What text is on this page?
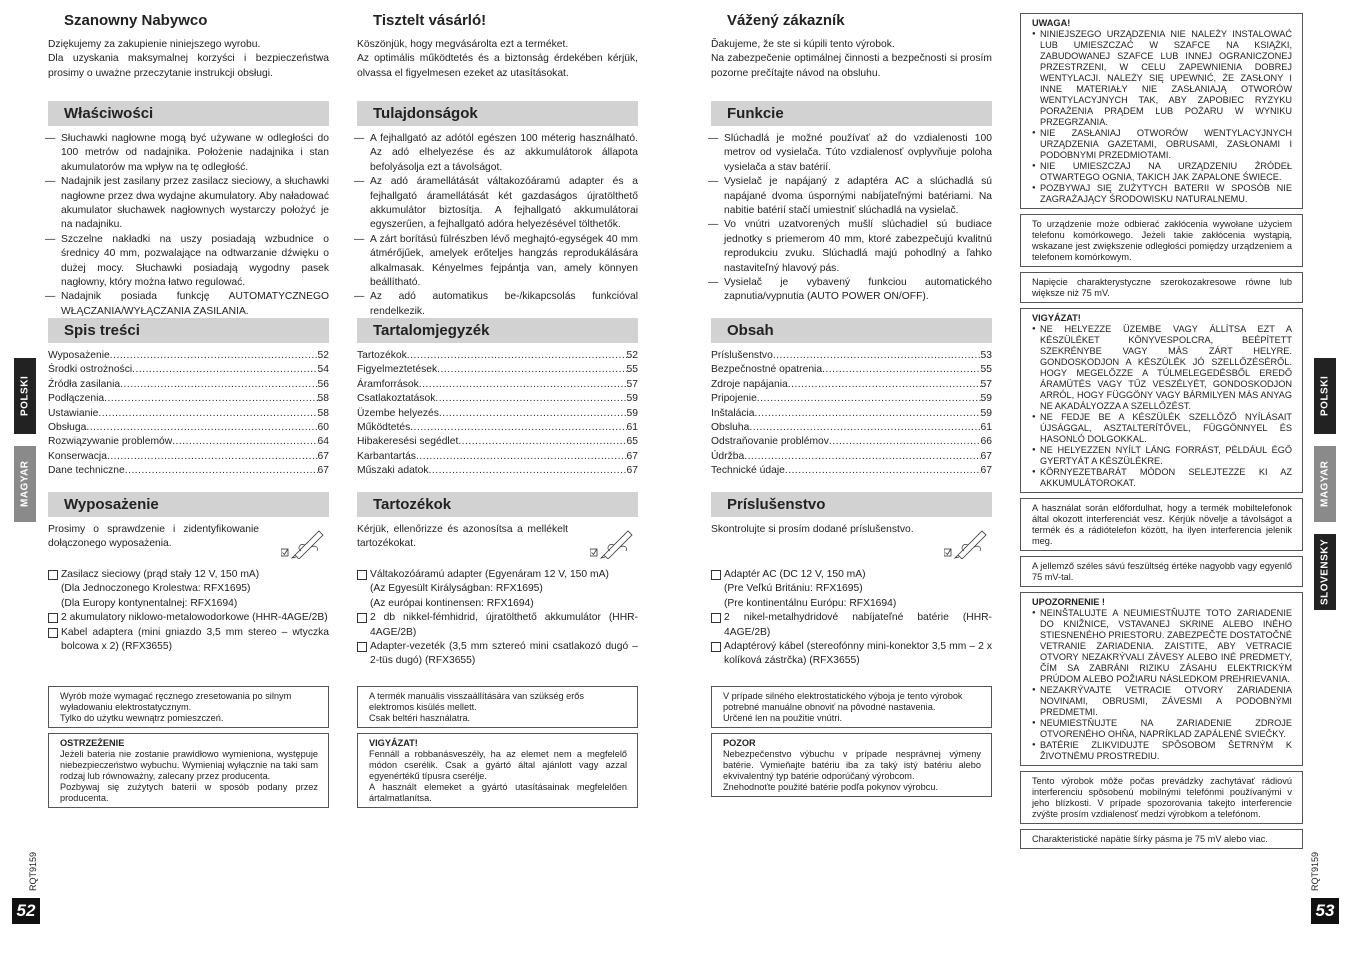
Szanowny Nabywco

Dziękujemy za zakupienie niniejszego wyrobu.

Dla uzyskania maksymalnej korzyści i bezpieczeństwa prosimy o uważne przeczytanie instrukcji obsługi.

Właściwości
— Słuchawki nagłowne mogą być używane w odległości do 100 metrów od nadajnika. Położenie nadajnika i stan akumulatorów ma wpływ na tę odległość.
— Nadajnik jest zasilany przez zasilacz sieciowy, a słuchawki nagłowne przez dwa wydajne akumulatory. Aby naładować akumulator słuchawek nagłownych wystarczy położyć je na nadajniku.
— Szczelne nakładki na uszy posiadają wzbudnice o średnicy 40 mm, pozwalające na odtwarzanie dźwięku o dużej mocy. Słuchawki posiadają wygodny pasek nagłowny, który można łatwo regulować.
— Nadajnik posiada funkcję AUTOMATYCZNEGO WŁĄCZANIA/WYŁĄCZANIA ZASILANIA.
Spis treści
Wyposażenie .....	52
Środki ostrożności .....	54
Źródła zasilania .....	56
Podłączenia .....	58
Ustawianie .....	58
Obsługa .....	60
Rozwiązywanie problemów .....	64
Konserwacja .....	67
Dane techniczne .....	67
Wyposażenie
Prosimy o sprawdzenie i zidentyfikowanie dołączonego wyposażenia.
Zasilacz sieciowy (prąd stały 12 V, 150 mA)
(Dla Jednoczonego Krolestwa: RFX1695)
(Dla Europy kontynentalnej: RFX1694)
2 akumulatory niklowo-metalowodorkowe (HHR-4AGE/2B)
Kabel adaptera (mini gniazdo 3,5 mm stereo – wtyczka bolcowa x 2) (RFX3655)
Wyrób może wymagać ręcznego zresetowania po silnym wyładowaniu elektrostatycznym.
Tylko do użytku wewnątrz pomieszczeń.
OSTRZEŻENIE
Jeżeli bateria nie zostanie prawidłowo wymieniona, występuje niebezpieczeństwo wybuchu. Wymieniaj wyłącznie na taki sam rodzaj lub równoważny, zalecany przez producenta.
Pozbywaj się zużytych baterii w sposób podany przez producenta.
Tisztelt vásárló!

Köszönjük, hogy megvásárolta ezt a terméket.

Az optimális működtetés és a biztonság érdekében kérjük, olvassa el figyelmesen ezeket az utasításokat.

Tulajdonságok
— A fejhallgató az adótól egészen 100 méterig használható. Az adó elhelyezése és az akkumulátorok állapota befolyásolja ezt a távolságot.
— Az adó áramellátását váltakozóáramú adapter és a fejhallgató áramellátását két gazdaságos újratölthető akkumulátor biztosítja. A fejhallgató akkumulátorai egyszerűen, a fejhallgató adóra helyezésével tölthetők.
— A zárt borítású fülrészben lévő meghajtó-egységek 40 mm átmérőjűek, amelyek erőteljes hangzás reprodukálására alkalmasak. Kényelmes fejpántja van, amely könnyen beállítható.
— Az adó automatikus be-/kikapcsolás funkcióval rendelkezik.
Tartalomjegyzék
Tartozékok .....	52
Figyelmeztetések .....	55
Áramforrások .....	57
Csatlakoztatások .....	59
Üzembe helyezés .....	59
Működtetés .....	61
Hibakeresési segédlet .....	65
Karbantartás .....	67
Műszaki adatok .....	67
Tartozékok
Kérjük, ellenőrizze és azonosítsa a mellékelt tartozékokat.
Váltakozóáramú adapter (Egyenáram 12 V, 150 mA)
(Az Egyesült Királyságban: RFX1695)
(Az európai kontinensen: RFX1694)
2 db nikkel-fémhidrid, újratölthető akkumulátor (HHR-4AGE/2B)
Adapter-vezeték (3,5 mm sztereó mini csatlakozó dugó – 2-tüs dugó) (RFX3655)
A termék manuális visszaállítására van szükség erős elektromos kisülés mellett.
Csak beltéri használatra.
VIGYÁZAT!
Fennáll a robbanásveszély, ha az elemet nem a megfelelő módon cserélik. Csak a gyártó által ajánlott vagy azzal egyenértékű típusra cserélje.
A használt elemeket a gyártó utasításainak megfelelően ártalmatlanítsa.
Vážený zákazník

Ďakujeme, že ste si kúpili tento výrobok.

Na zabezpečenie optimálnej činnosti a bezpečnosti si prosím pozorne prečítajte návod na obsluhu.

Funkcie
— Slúchadlá je možné používať až do vzdialenosti 100 metrov od vysielača. Túto vzdialenosť ovplyvňuje poloha vysielača a stav batérií.
— Vysielač je napájaný z adaptéra AC a slúchadlá sú napájané dvoma úspornými nabíjateľnými batériami. Na nabitie batérií stačí umiestniť slúchadlá na vysielač.
— Vo vnútri uzatvorených mušlí slúchadiel sú budiace jednotky s priemerom 40 mm, ktoré zabezpečujú kvalitnú reprodukciu zvuku. Slúchadlá majú pohodlný a ľahko nastaviteľný hlavový pás.
— Vysielač je vybavený funkciou automatického zapnutia/vypnutia (AUTO POWER ON/OFF).
Obsah
Príslušenstvo .....	53
Bezpečnostné opatrenia .....	55
Zdroje napájania .....	57
Pripojenie .....	59
Inštalácia .....	59
Obsluha .....	61
Odstraňovanie problémov .....	66
Údržba .....	67
Technické údaje .....	67
Príslušenstvo
Skontrolujte si prosím dodané príslušenstvo.
Adaptér AC (DC 12 V, 150 mA)
(Pre Veľkú Britániu: RFX1695)
(Pre kontinentálnu Európu: RFX1694)
2 nikel-metalhydridové nabíjateľné batérie (HHR-4AGE/2B)
Adaptérový kábel (stereofónny mini-konektor 3,5 mm – 2 x kolíková zástrčka) (RFX3655)
V prípade silného elektrostatického výboja je tento výrobok potrebné manuálne obnoviť na pôvodné nastavenia.
Určené len na použitie vnútri.
POZOR
Nebezpečenstvo výbuchu v prípade nesprávnej výmeny batérie. Vymieňajte batériu iba za taký istý batériu alebo ekvivalentný typ batérie odporúčaný výrobcom.
Znehodnoťte použité batérie podľa pokynov výrobcu.
UWAGA!
● NINIEJSZEGO URZĄDZENIA NIE NALEŻY INSTALOWAĆ LUB UMIESZCZAĆ W SZAFCE NA KSIĄŻKI, ZABUDOWANEJ SZAFCE LUB INNEJ OGRANICZONEJ PRZESTRZENI, W CELU ZAPEWNIENIA DOBREJ WENTYLACJI. NALEŻY SIĘ UPEWNIĆ, ŻE ZASŁONY I INNE MATERIAŁY NIE ZASŁANIAJĄ OTWORÓW WENTYLACYJNYCH TAK, ABY ZAPOBIEC RYZYKU PORAŻENIA PRĄDEM LUB POŻARU W WYNIKU PRZEGRZANIA.
● NIE ZASŁANIAJ OTWORÓW WENTYLACYJNYCH URZĄDZENIA GAZETAMI, OBRUSAMI, ZASŁONAMI I PODOBNYMI PRZEDMIOTAMI.
● NIE UMIESZCZAJ NA URZĄDZENIU ŹRÓDEŁ OTWARTEGO OGNIA, TAKICH JAK ZAPALONE ŚWIECE.
● POZBYWAJ SIĘ ZUŻYTYCH BATERII W SPOSÓB NIE ZAGRAŻAJĄCY ŚRODOWISKU NATURALNEMU.
To urządzenie może odbierać zakłócenia wywołane użyciem telefonu komórkowego. Jeżeli takie zakłócenia wystąpią, wskazane jest zwiększenie odległości pomiędzy urządzeniem a telefonem komórkowym.
Napięcie charakterystyczne szerokozakresowe równe lub większe niż 75 mV.
VIGYÁZAT!
● NE HELYEZZE ÜZEMBE VAGY ÁLLÍTSA EZT A KÉSZÜLÉKET KÖNYVESPOLCRA, BEÉPÍTETT SZEKRÉNYBE VAGY MÁS ZÁRT HELYRE. GONDOSKODJON A KÉSZÜLÉK JÓ SZELLŐZÉSÉRŐL. HOGY MEGELŐZZE A TÚLMELEGEDÉSBŐL EREDŐ ÁRAMÜTÉS VAGY TŰZ VESZÉLYÉT, GONDOSKODJON ARRÓL, HOGY FÜGGÖNY VAGY BÁRMILYEN MÁS ANYAG NE AKADÁLYOZZA A SZELLŐZÉST.
● NE FEDJE BE A KÉSZÜLÉK SZELLŐZŐ NYÍLÁSAIT ÚJSÁGGAL, ASZTALTERÍTŐVEL, FÜGGÖNNYEL ÉS HASONLÓ DOLGOKKAL.
● NE HELYEZZEN NYÍLT LÁNG FORRÁST, PÉLDÁUL ÉGŐ GYERTYÁT A KÉSZÜLÉKRE.
● KÖRNYEZETBARÁT MÓDON SELEJTEZZE KI AZ AKKUMULÁTOROKAT.
A használat során előfordulhat, hogy a termék mobiltelefonok által okozott interferenciát vesz. Kérjük növelje a távolságot a termék és a rádiótelefon között, ha ilyen interferencia jelenik meg.
A jellemző széles sávú feszültség értéke nagyobb vagy egyenlő 75 mV-tal.
UPOZORNENIE !
● NEINŠTALUJTE A NEUMIESTŇUJTE TOTO ZARIADENIE DO KNIŽNICE, VSTAVANEJ SKRINE ALEBO INÉHO STIESNENÉHO PRIESTORU. ZABEZPEČTE DOSTATOČNÉ VETRANIE ZARIADENIA. ZAISTITE, ABY VETRACIE OTVORY NEZAKRÝVALI ZÁVESY ALEBO INÉ PREDMETY, ČÍM SA ZABRÁNI RIZIKU ZÁSAHU ELEKTRICKÝM PRÚDOM ALEBO POŽIARU NÁSLEDKOM PREHRIEVANIA.
● NEZAKRÝVAJTE VETRACIE OTVORY ZARIADENIA NOVINAMI, OBRUSMI, ZÁVESMI A PODOBNÝMI PREDMETMI.
● NEUMIESTŇUJTE NA ZARIADENIE ZDROJE OTVORENÉHO OHŇA, NAPRÍKLAD ZAPÁLENÉ SVIEČKY.
● BATÉRIE ZLIKVIDUJTE SPÔSOBOM ŠETRNÝM K ŽIVOTNÉMU PROSTREDIU.
Tento výrobok môže počas prevádzky zachytávať rádiovú interferenciu spôsobenú mobilnými telefónmi používanými v jeho blízkosti. V prípade spozorovania takejto interferencie zvýšte prosím vzdialenosť medzi výrobkom a telefónom.
Charakteristické napätie šírky pásma je 75 mV alebo viac.
POLSKI
MAGYAR
POLSKI
MAGYAR
SLOVENSKY
52	53
RQT9159	RQT9159
